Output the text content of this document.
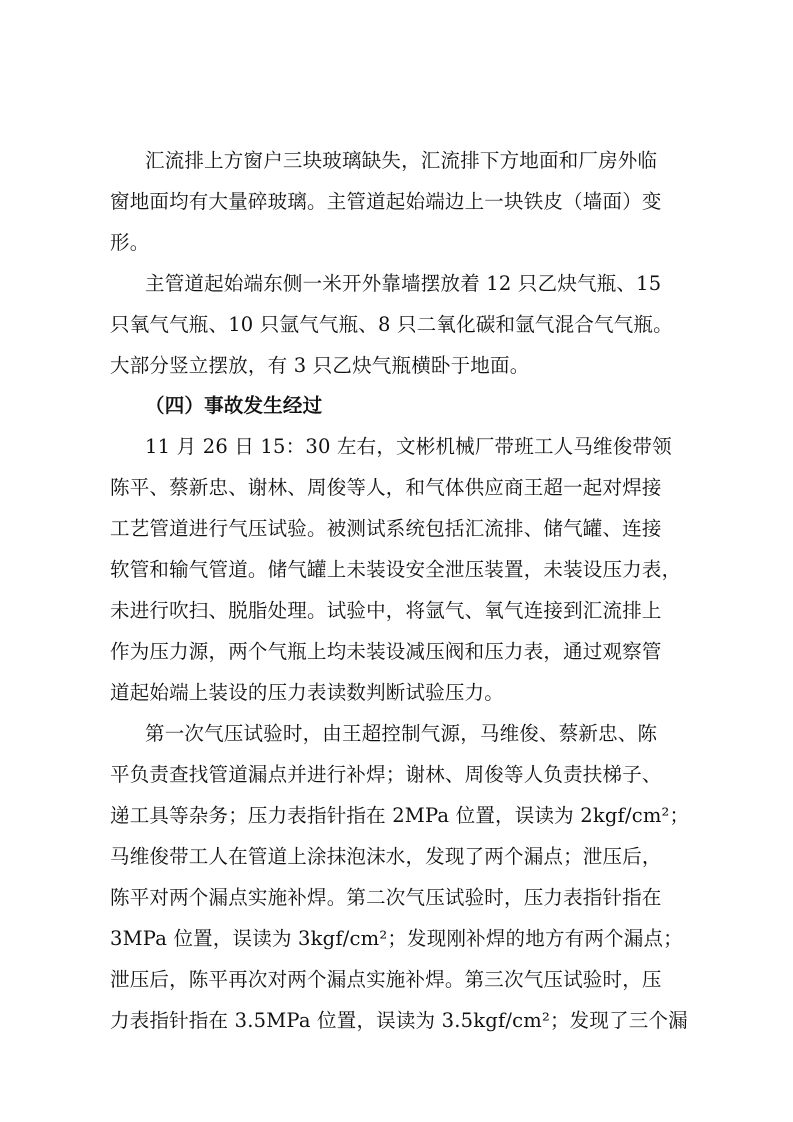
汇流排上方窗户三块玻璃缺失，汇流排下方地面和厂房外临
窗地面均有大量碎玻璃。主管道起始端边上一块铁皮（墙面）变
形。
主管道起始端东侧一米开外靠墙摆放着 12 只乙炔气瓶、15
只氧气气瓶、10 只氩气气瓶、8 只二氧化碳和氩气混合气气瓶。
大部分竖立摆放，有 3 只乙炔气瓶横卧于地面。
（四）事故发生经过
11 月 26 日 15：30 左右，文彬机械厂带班工人马维俊带领
陈平、蔡新忠、谢林、周俊等人，和气体供应商王超一起对焊接
工艺管道进行气压试验。被测试系统包括汇流排、储气罐、连接
软管和输气管道。储气罐上未装设安全泄压装置，未装设压力表，
未进行吹扫、脱脂处理。试验中，将氩气、氧气连接到汇流排上
作为压力源，两个气瓶上均未装设减压阀和压力表，通过观察管
道起始端上装设的压力表读数判断试验压力。
第一次气压试验时，由王超控制气源，马维俊、蔡新忠、陈
平负责查找管道漏点并进行补焊；谢林、周俊等人负责扶梯子、
递工具等杂务；压力表指针指在 2MPa 位置，误读为 2kgf/cm²；
马维俊带工人在管道上涂抹泡沫水，发现了两个漏点；泄压后，
陈平对两个漏点实施补焊。第二次气压试验时，压力表指针指在
3MPa 位置，误读为 3kgf/cm²；发现刚补焊的地方有两个漏点；
泄压后，陈平再次对两个漏点实施补焊。第三次气压试验时，压
力表指针指在 3.5MPa 位置，误读为 3.5kgf/cm²；发现了三个漏
